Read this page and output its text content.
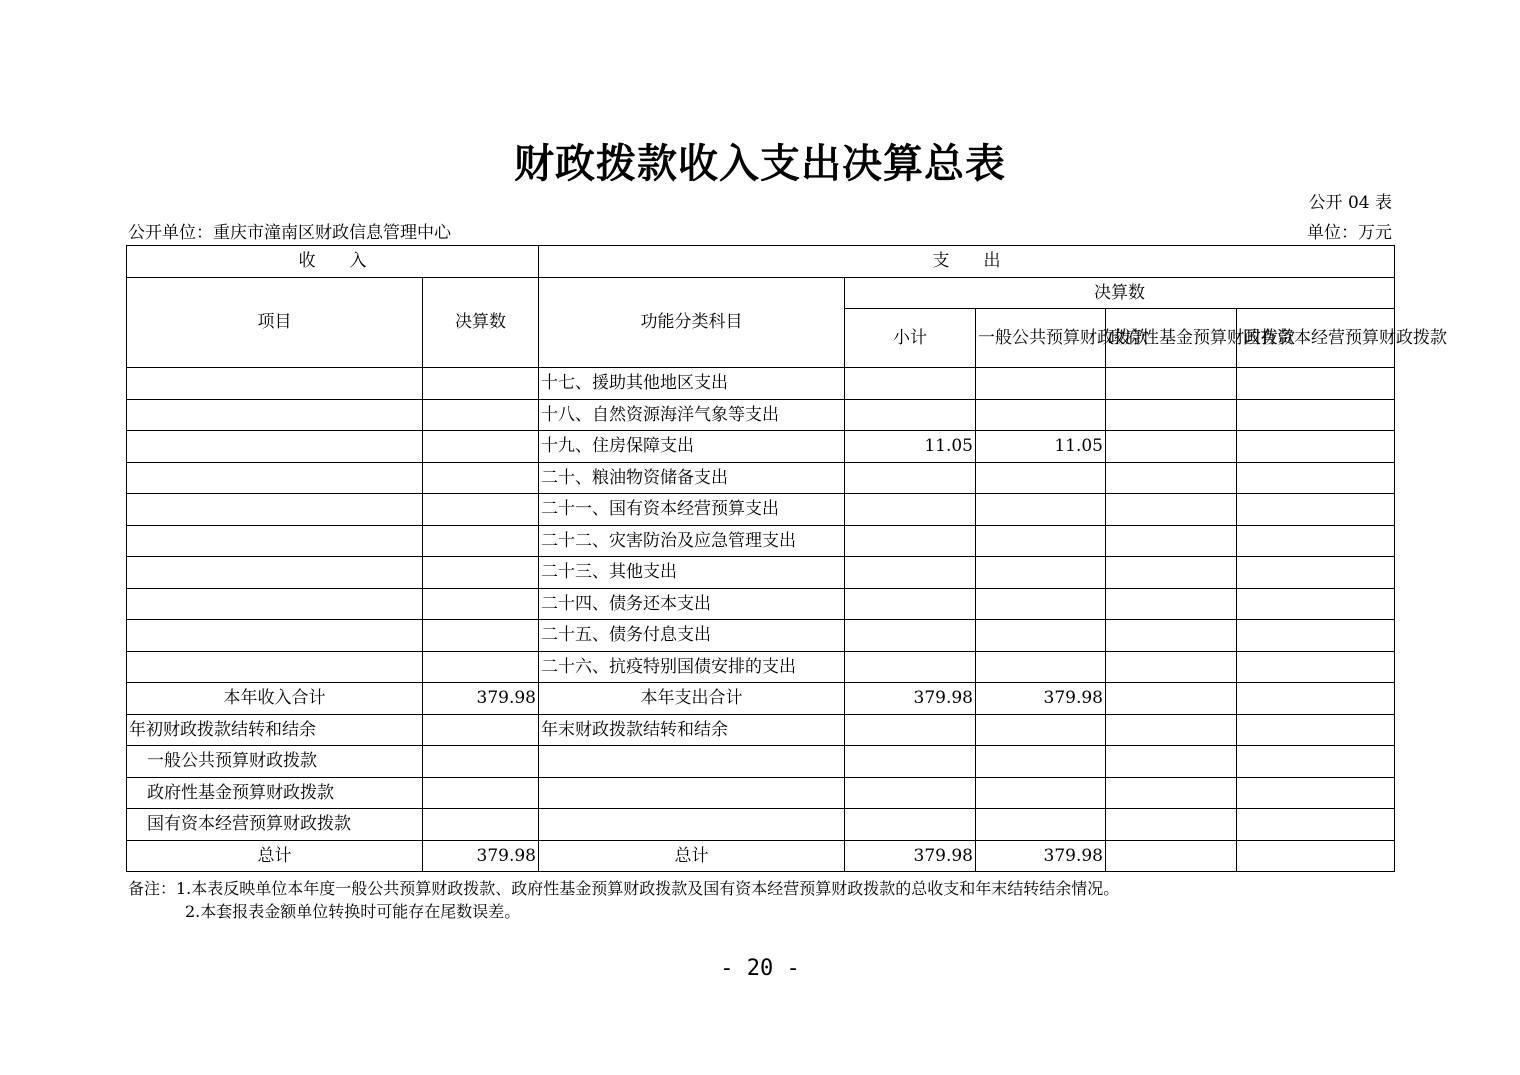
财政拨款收入支出决算总表
公开 04 表
公开单位：重庆市潼南区财政信息管理中心	单位：万元
收　　入		支　　出				
项目	决算数	功能分类科目	决算数			
			小计	一般公共预算财政拨款	政府性基金预算财政拨款	国有资本经营预算财政拨款
		十七、援助其他地区支出				
		十八、自然资源海洋气象等支出				
		十九、住房保障支出	11.05	11.05		
		二十、粮油物资储备支出				
		二十一、国有资本经营预算支出				
		二十二、灾害防治及应急管理支出				
		二十三、其他支出				
		二十四、债务还本支出				
		二十五、债务付息支出				
		二十六、抗疫特别国债安排的支出				
本年收入合计	379.98	本年支出合计	379.98	379.98		
年初财政拨款结转和结余		年末财政拨款结转和结余				
一般公共预算财政拨款						
政府性基金预算财政拨款						
国有资本经营预算财政拨款						
总计	379.98	总计	379.98	379.98		
备注：1.本表反映单位本年度一般公共预算财政拨款、政府性基金预算财政拨款及国有资本经营预算财政拨款的总收支和年末结转结余情况。
2.本套报表金额单位转换时可能存在尾数误差。
- 20 -
